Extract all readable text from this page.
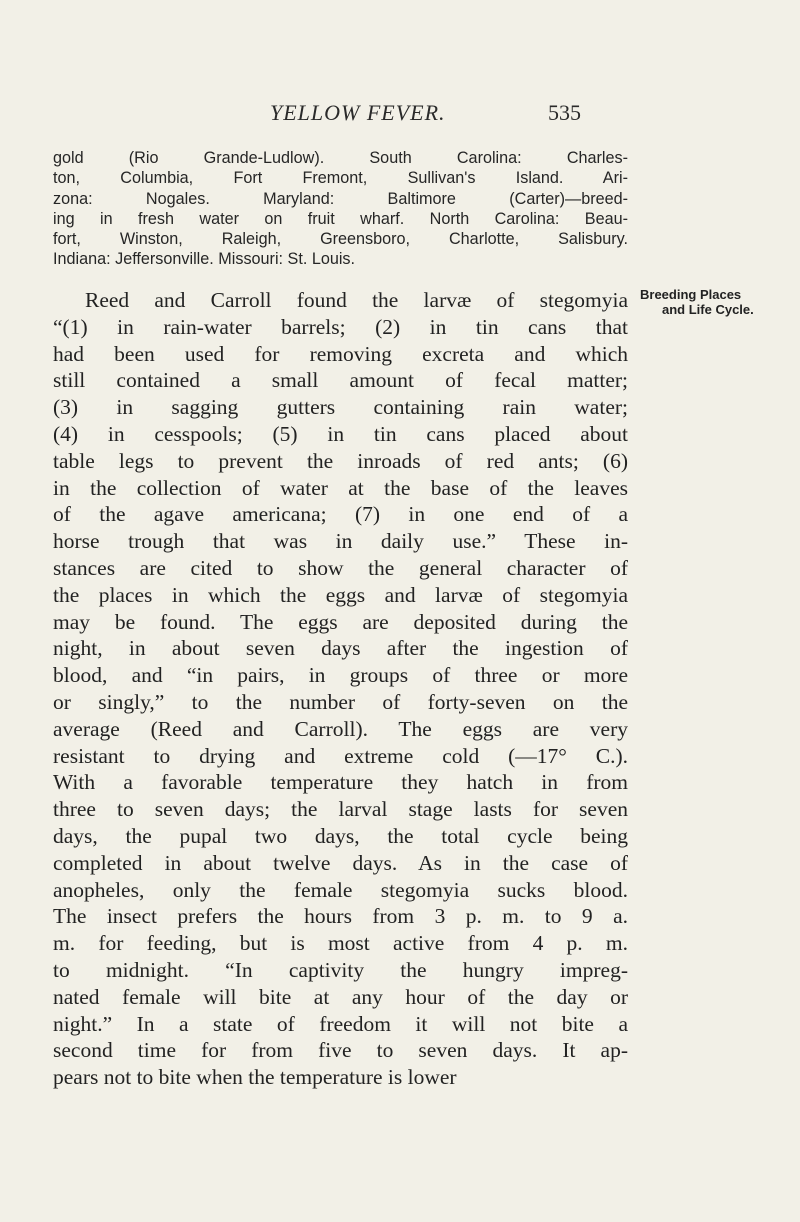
YELLOW FEVER.	535
gold (Rio Grande-Ludlow). South Carolina: Charles-
ton, Columbia, Fort Fremont, Sullivan's Island. Ari-
zona: Nogales. Maryland: Baltimore (Carter)—breed-
ing in fresh water on fruit wharf. North Carolina: Beau-
fort, Winston, Raleigh, Greensboro, Charlotte, Salisbury.
Indiana: Jeffersonville. Missouri: St. Louis.
Breeding Places
and Life Cycle.
Reed and Carroll found the larvæ of stegomyia
“(1) in rain-water barrels; (2) in tin cans that
had been used for removing excreta and which
still contained a small amount of fecal matter;
(3) in sagging gutters containing rain water;
(4) in cesspools; (5) in tin cans placed about
table legs to prevent the inroads of red ants; (6)
in the collection of water at the base of the leaves
of the agave americana; (7) in one end of a
horse trough that was in daily use.” These in-
stances are cited to show the general character of
the places in which the eggs and larvæ of stegomyia
may be found. The eggs are deposited during the
night, in about seven days after the ingestion of
blood, and “in pairs, in groups of three or more
or singly,” to the number of forty-seven on the
average (Reed and Carroll). The eggs are very
resistant to drying and extreme cold (—17° C.).
With a favorable temperature they hatch in from
three to seven days; the larval stage lasts for seven
days, the pupal two days, the total cycle being
completed in about twelve days. As in the case of
anopheles, only the female stegomyia sucks blood.
The insect prefers the hours from 3 p. m. to 9 a.
m. for feeding, but is most active from 4 p. m.
to midnight. “In captivity the hungry impreg-
nated female will bite at any hour of the day or
night.” In a state of freedom it will not bite a
second time for from five to seven days. It ap-
pears not to bite when the temperature is lower
